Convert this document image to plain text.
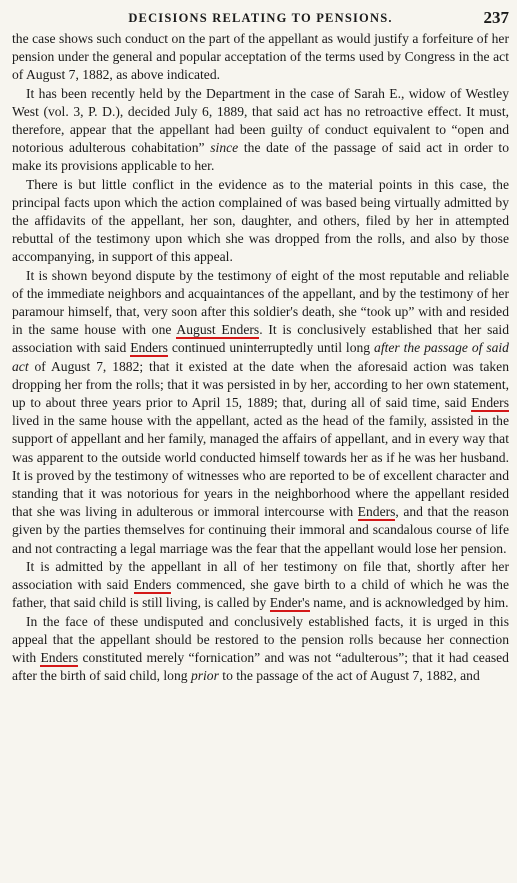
DECISIONS RELATING TO PENSIONS.	237

the case shows such conduct on the part of the appellant as would justify a forfeiture of her pension under the general and popular acceptation of the terms used by Congress in the act of August 7, 1882, as above indicated.

It has been recently held by the Department in the case of Sarah E., widow of Westley West (vol. 3, P. D.), decided July 6, 1889, that said act has no retroactive effect. It must, therefore, appear that the appellant had been guilty of conduct equivalent to “open and notorious adulterous cohabitation” since the date of the passage of said act in order to make its provisions applicable to her.

There is but little conflict in the evidence as to the material points in this case, the principal facts upon which the action complained of was based being virtually admitted by the affidavits of the appellant, her son, daughter, and others, filed by her in attempted rebuttal of the testimony upon which she was dropped from the rolls, and also by those accompanying, in support of this appeal.

It is shown beyond dispute by the testimony of eight of the most reputable and reliable of the immediate neighbors and acquaintances of the appellant, and by the testimony of her paramour himself, that, very soon after this soldier's death, she “took up” with and resided in the same house with one August Enders. It is conclusively established that her said association with said Enders continued uninterruptedly until long after the passage of said act of August 7, 1882; that it existed at the date when the aforesaid action was taken dropping her from the rolls; that it was persisted in by her, according to her own statement, up to about three years prior to April 15, 1889; that, during all of said time, said Enders lived in the same house with the appellant, acted as the head of the family, assisted in the support of appellant and her family, managed the affairs of appellant, and in every way that was apparent to the outside world conducted himself towards her as if he was her husband. It is proved by the testimony of witnesses who are reported to be of excellent character and standing that it was notorious for years in the neighborhood where the appellant resided that she was living in adulterous or immoral intercourse with Enders, and that the reason given by the parties themselves for continuing their immoral and scandalous course of life and not contracting a legal marriage was the fear that the appellant would lose her pension.

It is admitted by the appellant in all of her testimony on file that, shortly after her association with said Enders commenced, she gave birth to a child of which he was the father, that said child is still living, is called by Ender's name, and is acknowledged by him.

In the face of these undisputed and conclusively established facts, it is urged in this appeal that the appellant should be restored to the pension rolls because her connection with Enders constituted merely “fornication” and was not “adulterous”; that it had ceased after the birth of said child, long prior to the passage of the act of August 7, 1882, and
